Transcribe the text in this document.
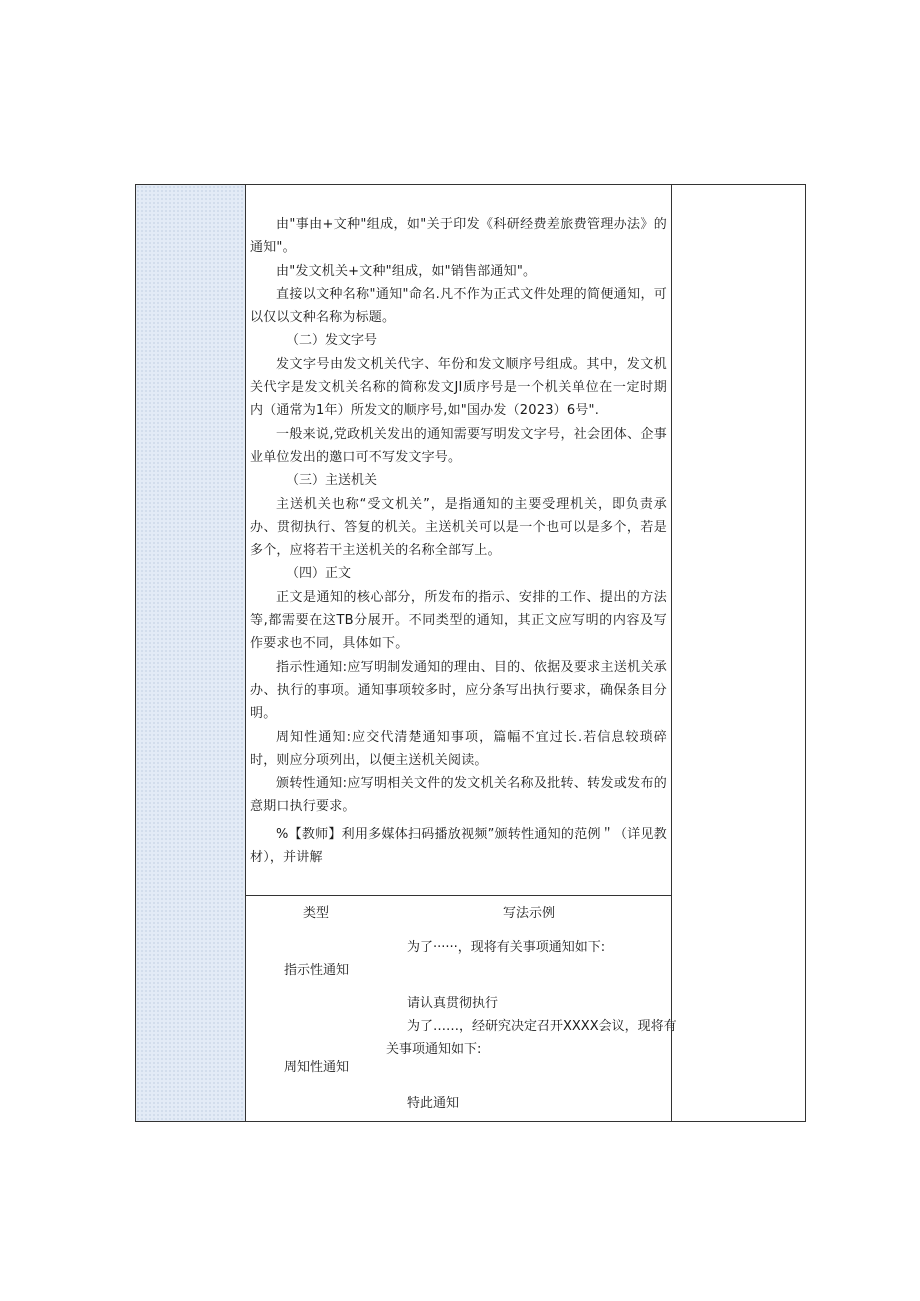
由"事由+文种"组成，如"关于印发《科研经费差旅费管理办法》的通知"。

由"发文机关+文种"组成，如"销售部通知"。

直接以文种名称"通知"命名.凡不作为正式文件处理的简便通知，可以仅以文种名称为标题。

（二）发文字号

发文字号由发文机关代字、年份和发文顺序号组成。其中，发文机关代字是发文机关名称的简称发文JI质序号是一个机关单位在一定时期内（通常为1年）所发文的顺序号,如"国办发（2023）6号".

一般来说,党政机关发出的通知需要写明发文字号，社会团体、企事业单位发出的邀口可不写发文字号。

（三）主送机关

主送机关也称“受文机关”，是指通知的主要受理机关，即负责承办、贯彻执行、答复的机关。主送机关可以是一个也可以是多个，若是多个，应将若干主送机关的名称全部写上。

（四）正文

正文是通知的核心部分，所发布的指示、安排的工作、提出的方法等,都需要在这TB分展开。不同类型的通知，其正文应写明的内容及写作要求也不同，具体如下。

指示性通知:应写明制发通知的理由、目的、依据及要求主送机关承办、执行的事项。通知事项较多时，应分条写出执行要求，确保条目分明。

周知性通知:应交代清楚通知事项，篇幅不宜过长.若信息较琐碎时，则应分项列出，以便主送机关阅读。

颁转性通知:应写明相关文件的发文机关名称及批转、转发或发布的意期口执行要求。

%【教师】利用多媒体扫码播放视频”颁转性通知的范例＂（详见教材），并讲解

类型	写法示例
为了······，现将有关事项通知如下:
指示性通知
请认真贯彻执行
为了……，经研究决定召开XXXX会议，现将有
关事项通知如下:
周知性通知
特此通知
